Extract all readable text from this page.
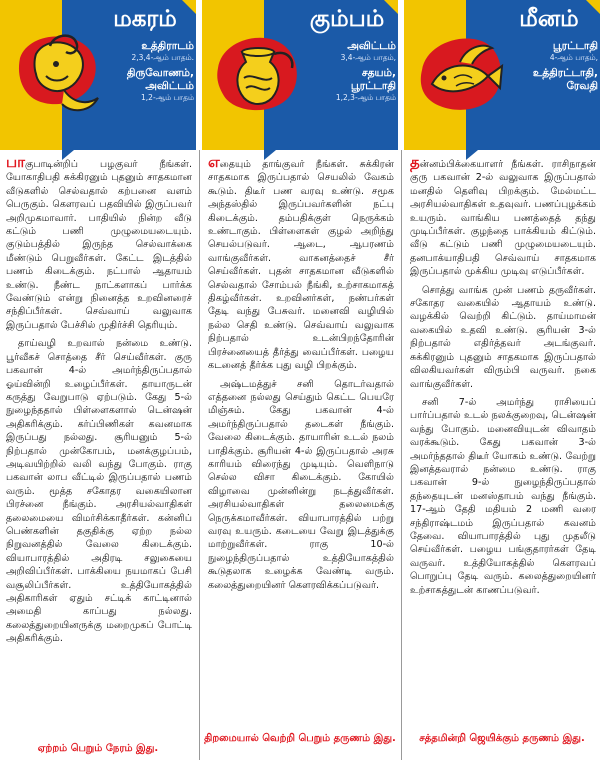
மகரம்
உத்திராடம்
2,3,4-ஆம் பாதம்.
திருவோணம்,
அவிட்டம்
1,2-ஆம் பாதம்

பாகுபாடின்றிப் பழகுவர் நீங்கள். யோகாதிபதி சுக்கிரனும் புதனும் சாதகமான வீடுகளில் செல்வதால் கற்பனை வளம் பெருகும். கௌரவப் பதவியில் இருப்பவர் அறிமுகமாவார். பாதியில் நின்ற வீடு கட்டும் பணி முழுமையடையும். குடும்பத்தில் இருந்த செல்வாக்கை மீண்டும் பெறுவீர்கள். கேட்ட இடத்தில் பணம் கிடைக்கும். நட்பால் ஆதாயம் உண்டு. நீண்ட நாட்களாகப் பார்க்க வேண்டும் என்று நினைத்த உறவினரைச் சந்திப்பீர்கள். செவ்வாய் வலுவாக இருப்பதால் பேச்சில் முதிர்ச்சி தெரியும்.

தாய்வழி உறவால் நன்மை உண்டு. பூர்வீகச் சொத்தை சீர் செய்வீர்கள். குரு பகவான் 4-ல் அமர்ந்திருப்பதால் ஓய்வின்றி உழைப்பீர்கள். தாயாருடன் கருத்து வேறுபாடு ஏற்படும். கேது 5-ல் நுழைந்ததால் பிள்ளைகளால் டென்ஷன் அதிகரிக்கும். கர்ப்பிணிகள் கவனமாக இருப்பது நல்லது. சூரியனும் 5-ல் நிற்பதால் முன்கோபம், மனக்குழப்பம், அடிவயிற்றில் வலி வந்து போகும். ராகு பகவான் லாப வீட்டில் இருப்பதால் பணம் வரும். மூத்த சகோதர வகையிலான பிரச்னை நீங்கும். அரசியல்வாதிகள் தலைமையை விமர்சிக்காதீர்கள். கன்னிப் பெண்களின் தகுதிக்கு ஏற்ற நல்ல நிறுவனத்தில் வேலை கிடைக்கும். வியாபாரத்தில் அதிரடி சலுகையை அறிவிப்பீர்கள். பாக்கியை நயமாகப் பேசி வசூலிப்பீர்கள். உத்தியோகத்தில் அதிகாரிகள் ஏதும் சட்டிக் காட்டினால் அமைதி காப்பது நல்லது. கலைத்துறையினருக்கு மறைமுகப் போட்டி அதிகரிக்கும்.

ஏற்றம் பெறும் நேரம் இது.
கும்பம்
அவிட்டம்
3,4-ஆம் பாதம்,
சதயம்,
பூரட்டாதி
1,2,3-ஆம் பாதம்

எதையும் தாங்குவர் நீங்கள். சுக்கிரன் சாதகமாக இருப்பதால் செயலில் வேகம் கூடும். திடீர் பண வரவு உண்டு. சமூக அந்தஸ்தில் இருப்பவர்களின் நட்பு கிடைக்கும். தம்பதிக்குள் நெருக்கம் உண்டாகும். பிள்ளைகள் குழல் அறிந்து செயல்படுவர். ஆடை, ஆபரணம் வாங்குவீர்கள். வாகனத்தைச் சீர் செய்வீர்கள். புதன் சாதகமான வீடுகளில் செல்வதால் சோம்பல் நீங்கி, உற்சாகமாகத் திகழ்வீர்கள். உறவினர்கள், நண்பர்கள் தேடி வந்து பேசுவர். மனைவி வழியில் நல்ல செதி உண்டு. செவ்வாய் வலுவாக நிற்பதால் உடன்பிறந்தோரின் பிரச்னையைத் தீர்த்து வைப்பீர்கள். பழைய கடனைத் தீர்க்க புது வழி பிறக்கும்.

அஷ்டமத்துச் சனி தொடர்வதால் எத்தனை நல்லது செய்தும் கெட்ட பெயரே மிஞ்சும். கேது பகவான் 4-ல் அமர்ந்திருப்பதால் தடைகள் நீங்கும். வேலை கிடைக்கும். தாயாரின் உடல் நலம் பாதிக்கும். சூரியன் 4-ல் இருப்பதால் அரசு காரியம் விரைந்து முடியும். வெளிநாடு செல்ல விசா கிடைக்கும். கோயில் விழாவை முன்னின்று நடத்துவீர்கள். அரசியல்வாதிகள் தலைமைக்கு நெருக்கமாவீர்கள். வியாபாரத்தில் பற்று வரவு உயரும். கடையை வேறு இடத்துக்கு மாற்றுவீர்கள். ராகு 10-ல் நுழைந்திருப்பதால் உத்தியோகத்தில் கூடுதலாக உழைக்க வேண்டி வரும். கலைத்துறையினர் கௌரவிக்கப்படுவர்.

திறமையால் வெற்றி பெறும் தருணம் இது.
மீனம்
பூரட்டாதி
4-ஆம் பாதம்,
உத்திரட்டாதி,
ரேவதி

தன்னம்பிக்கையாளர் நீங்கள். ராசிநாதன் குரு பகவான் 2-ல் வலுவாக இருப்பதால் மனதில் தெளிவு பிறக்கும். மேல்மட்ட அரசியல்வாதிகள் உதவுவர். பணப்புழக்கம் உயரும். வாங்கிய பணத்தைத் தந்து முடிப்பீர்கள். குழந்தை பாக்கியம் கிட்டும். வீடு கட்டும் பணி முழுமையடையும். தனபாக்யாதிபதி செவ்வாய் சாதகமாக இருப்பதால் முக்கிய முடிவு எடுப்பீர்கள்.

சொத்து வாங்க முன் பணம் தருவீர்கள். சகோதர வகையில் ஆதாயம் உண்டு. வழக்கில் வெற்றி கிட்டும். தாய்மாமன் வகையில் உதவி உண்டு. சூரியன் 3-ல் நிற்பதால் எதிர்த்தவர் அடங்குவர். சுக்கிரனும் புதனும் சாதகமாக இருப்பதால் விலகியவர்கள் விரும்பி வருவர். நகை வாங்குவீர்கள்.

சனி 7-ல் அமர்ந்து ராசியைப் பார்ப்பதால் உடல் நலக்குறைவு, டென்ஷன் வந்து போகும். மனைவியுடன் விவாதம் வரக்கூடும். கேது பகவான் 3-ல் அமர்ந்ததால் திடீர் யோகம் உண்டு. வேற்று இனத்தவரால் நன்மை உண்டு. ராகு பகவான் 9-ல் நுழைந்திருப்பதால் தந்தையுடன் மனஸ்தாபம் வந்து நீங்கும். 17-ஆம் தேதி மதியம் 2 மணி வரை சந்திராஷ்டமம் இருப்பதால் கவனம் தேவை. வியாபாரத்தில் புது முதலீடு செய்வீர்கள். பழைய பங்குதாரர்கள் தேடி வருவர். உத்தியோகத்தில் கௌரவப் பொறுப்பு தேடி வரும். கலைத்துறையினர் உற்சாகத்துடன் காணப்படுவர்.

சத்தமின்றி ஜெயிக்கும் தருணம் இது.
